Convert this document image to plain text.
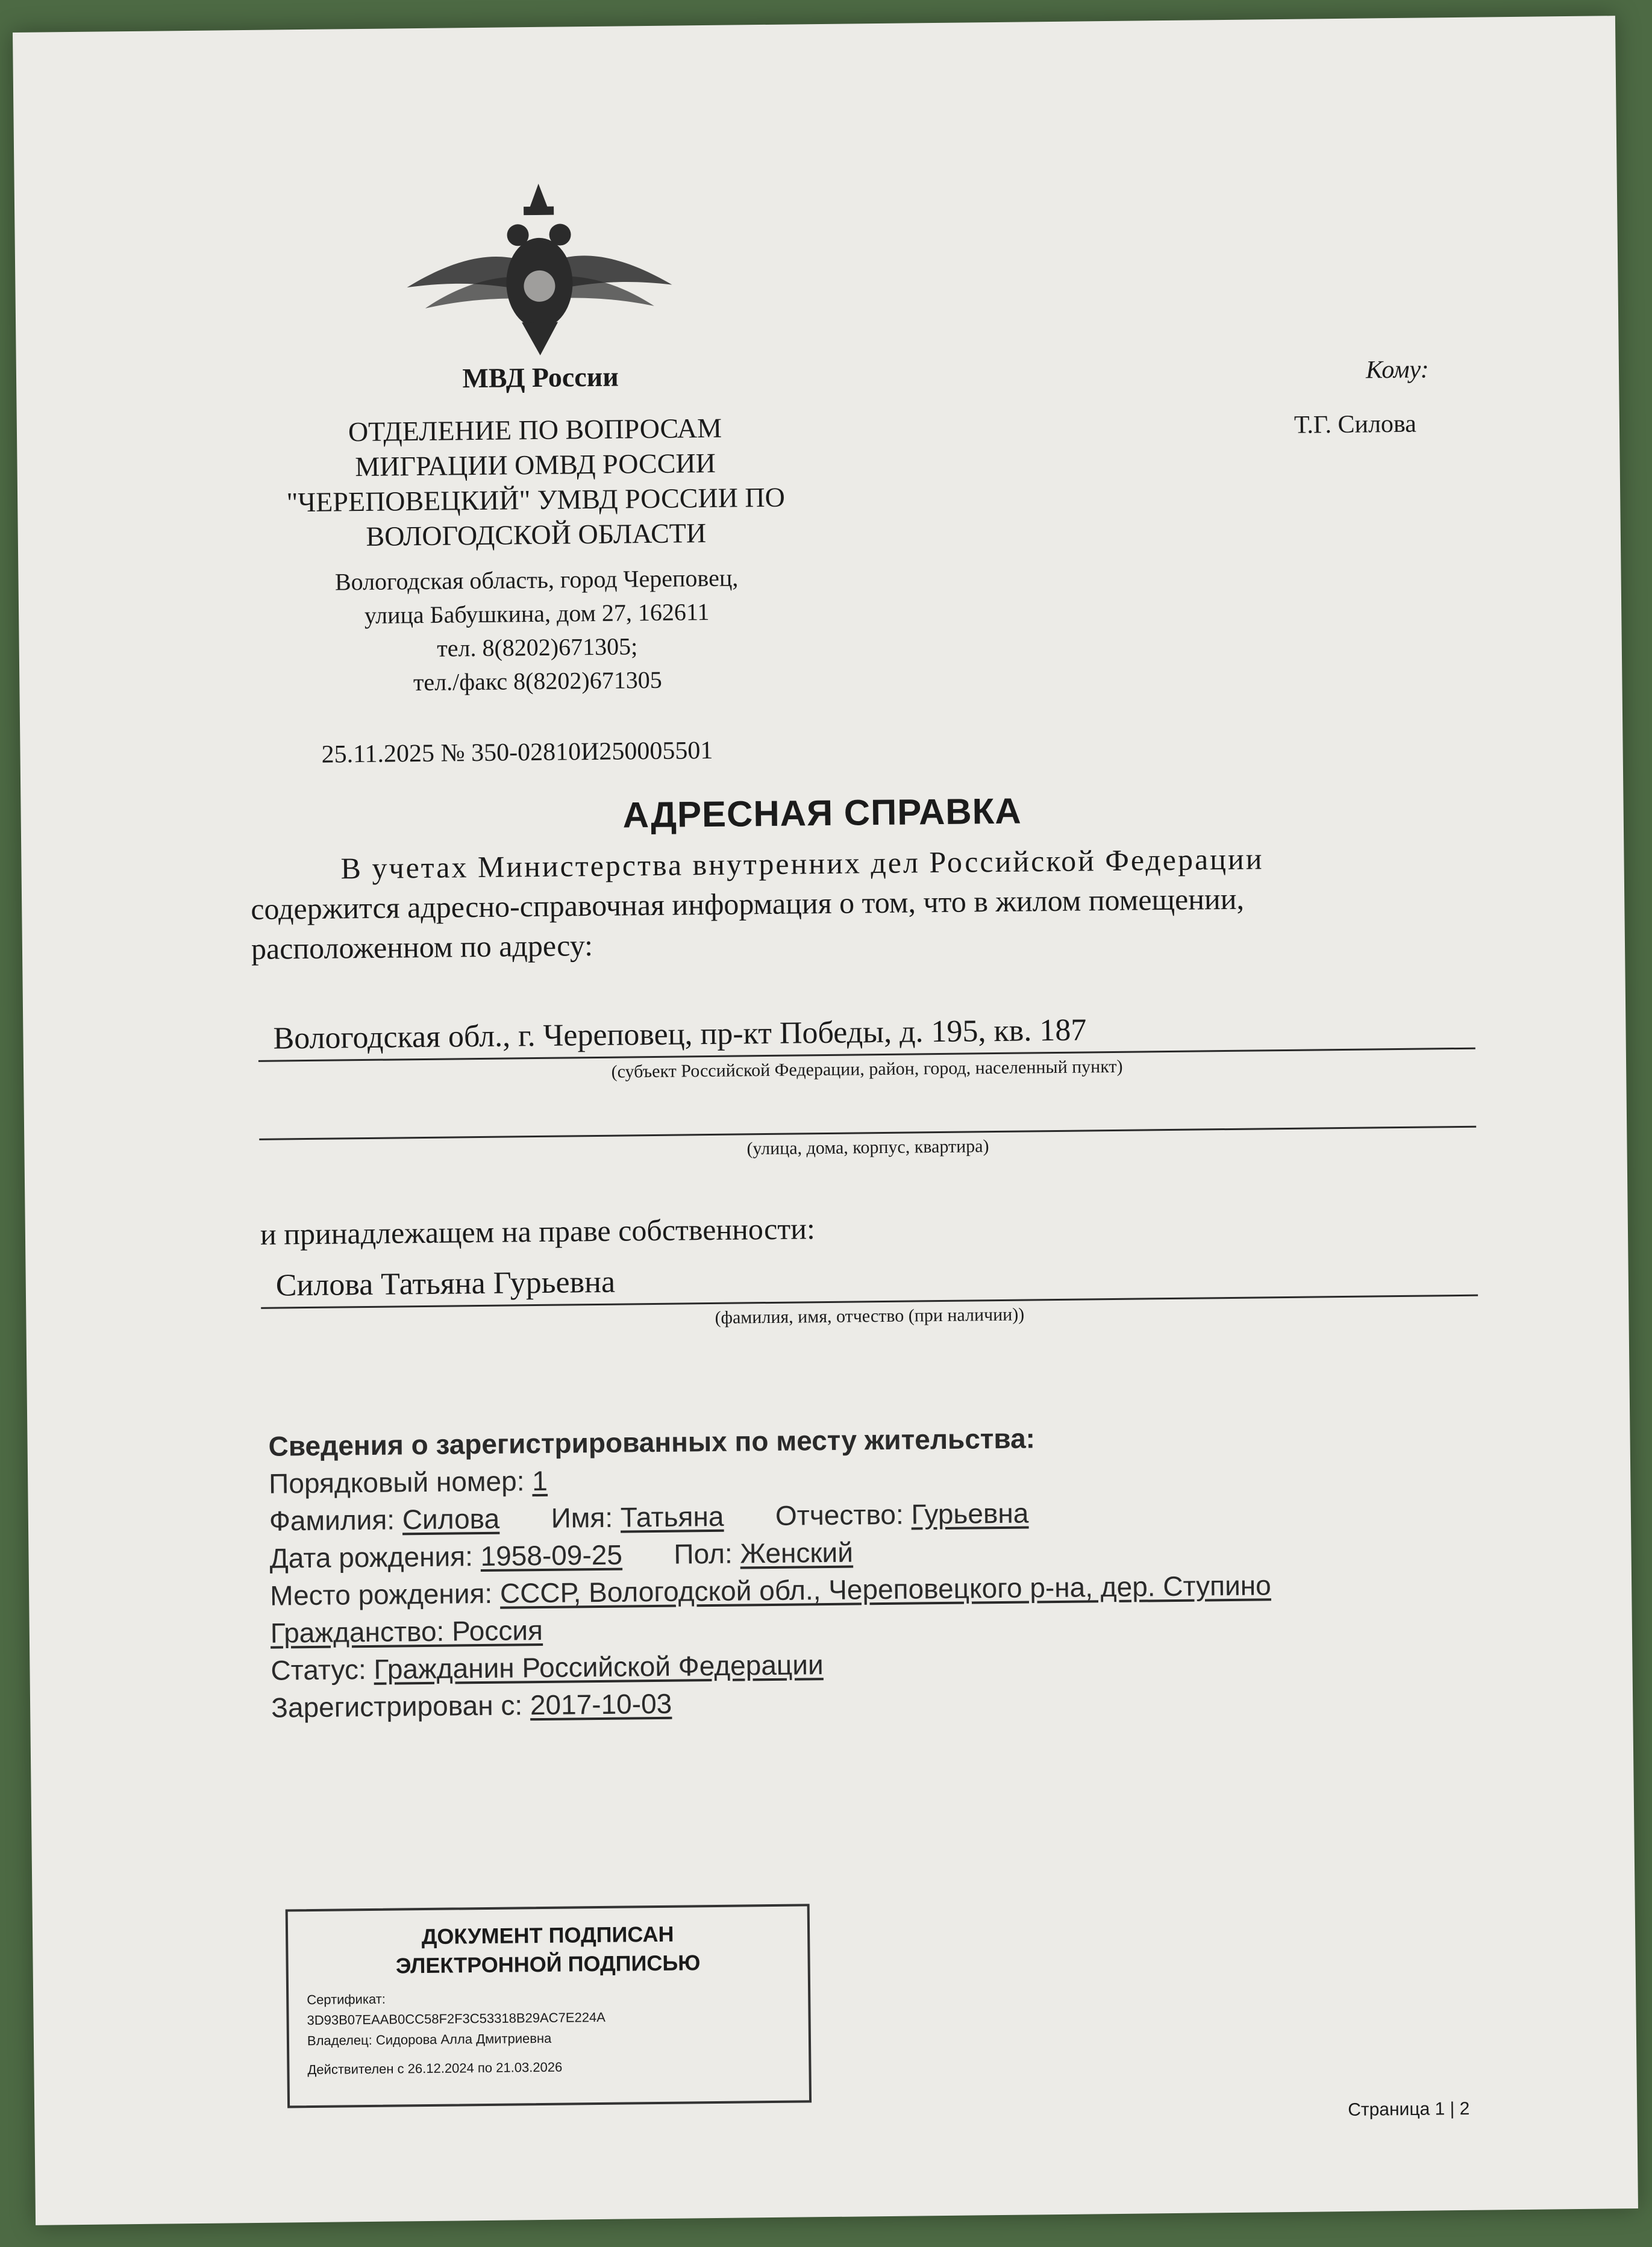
МВД России
ОТДЕЛЕНИЕ ПО ВОПРОСАМ
МИГРАЦИИ ОМВД РОССИИ
"ЧЕРЕПОВЕЦКИЙ" УМВД РОССИИ ПО
ВОЛОГОДСКОЙ ОБЛАСТИ
Вологодская область, город Череповец,
улица Бабушкина, дом 27, 162611
тел. 8(8202)671305;
тел./факс 8(8202)671305
25.11.2025 № 350-02810И250005501
Кому:
Т.Г. Силова
АДРЕСНАЯ СПРАВКА
В учетах Министерства внутренних дел Российской Федерации
содержится адресно-справочная информация о том, что в жилом помещении,
расположенном по адресу:
Вологодская обл., г. Череповец, пр-кт Победы, д. 195, кв. 187
(субъект Российской Федерации, район, город, населенный пункт)
(улица, дома, корпус, квартира)
и принадлежащем на праве собственности:
Силова Татьяна Гурьевна
(фамилия, имя, отчество (при наличии))
Сведения о зарегистрированных по месту жительства:
Порядковый номер: 1
Фамилия: Силова Имя: Татьяна Отчество: Гурьевна
Дата рождения: 1958-09-25 Пол: Женский
Место рождения: СССР, Вологодской обл., Череповецкого р-на, дер. Ступино
Гражданство: Россия
Статус: Гражданин Российской Федерации
Зарегистрирован с: 2017-10-03
ДОКУМЕНТ ПОДПИСАН
ЭЛЕКТРОННОЙ ПОДПИСЬЮ
Сертификат:
3D93B07EAAB0CC58F2F3C53318B29AC7E224A
Владелец: Сидорова Алла Дмитриевна
Действителен с 26.12.2024 по 21.03.2026
Страница 1 | 2
